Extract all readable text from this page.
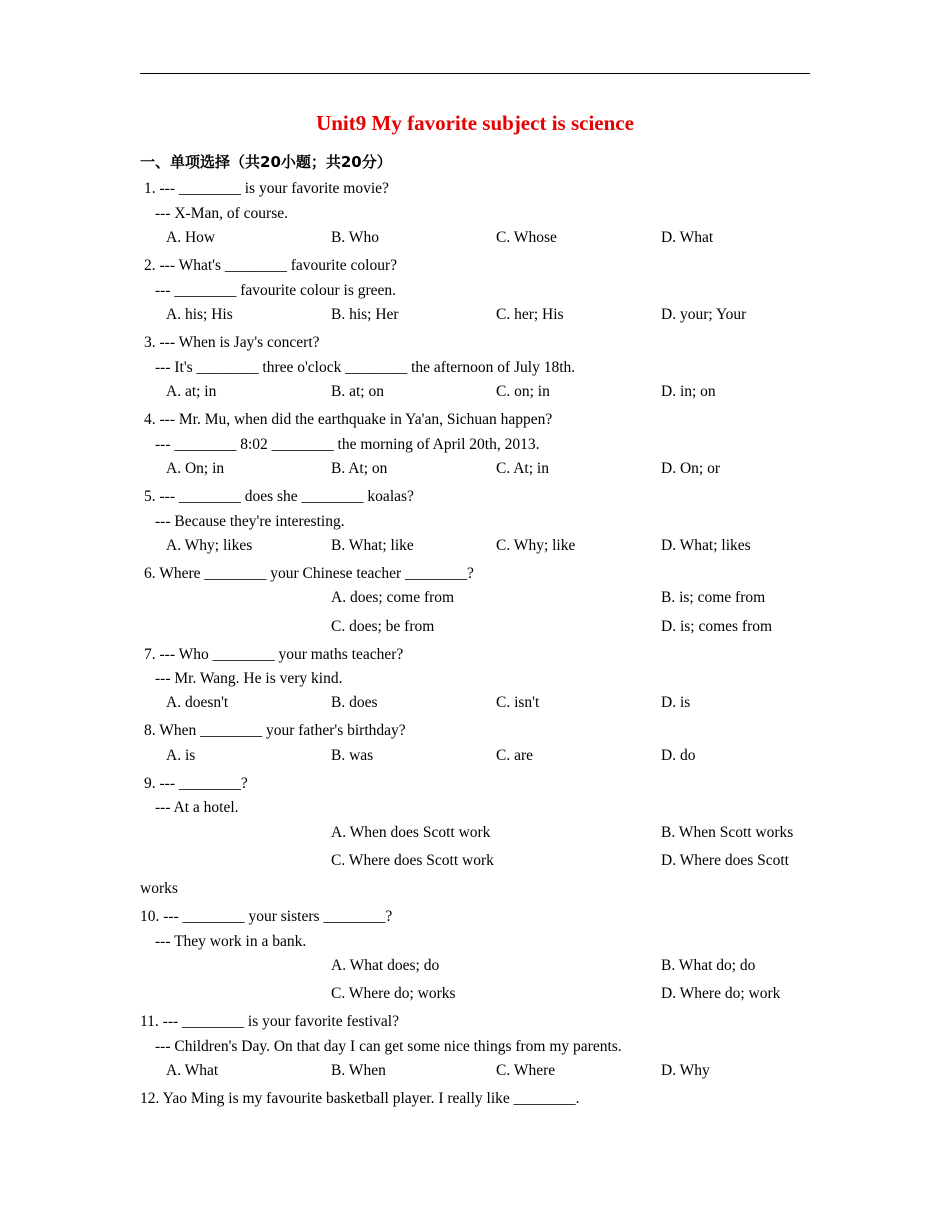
Unit9 My favorite subject is science
一、单项选择（共20小题；共20分）
1. --- ________ is your favorite movie?
--- X-Man, of course.
A. How	B. Who	C. Whose	D. What
2. --- What's ________ favourite colour?
--- ________ favourite colour is green.
A. his; His	B. his; Her	C. her; His	D. your; Your
3. --- When is Jay's concert?
--- It's ________ three o'clock ________ the afternoon of July 18th.
A. at; in	B. at; on	C. on; in	D. in; on
4. --- Mr. Mu, when did the earthquake in Ya'an, Sichuan happen?
--- ________ 8:02 ________ the morning of April 20th, 2013.
A. On; in	B. At; on	C. At; in	D. On; or
5. --- ________ does she ________ koalas?
--- Because they're interesting.
A. Why; likes	B. What; like	C. Why; like	D. What; likes
6. Where ________ your Chinese teacher ________?
A. does; come from	B. is; come from
C. does; be from	D. is; comes from
7. --- Who ________ your maths teacher?
--- Mr. Wang. He is very kind.
A. doesn't	B. does	C. isn't	D. is
8. When ________ your father's birthday?
A. is	B. was	C. are	D. do
9. --- ________?
--- At a hotel.
A. When does Scott work	B. When Scott works
C. Where does Scott work	D. Where does Scott
works
10. --- ________ your sisters ________?
--- They work in a bank.
A. What does; do	B. What do; do
C. Where do; works	D. Where do; work
11. --- ________ is your favorite festival?
--- Children's Day. On that day I can get some nice things from my parents.
A. What	B. When	C. Where	D. Why
12. Yao Ming is my favourite basketball player. I really like ________.
